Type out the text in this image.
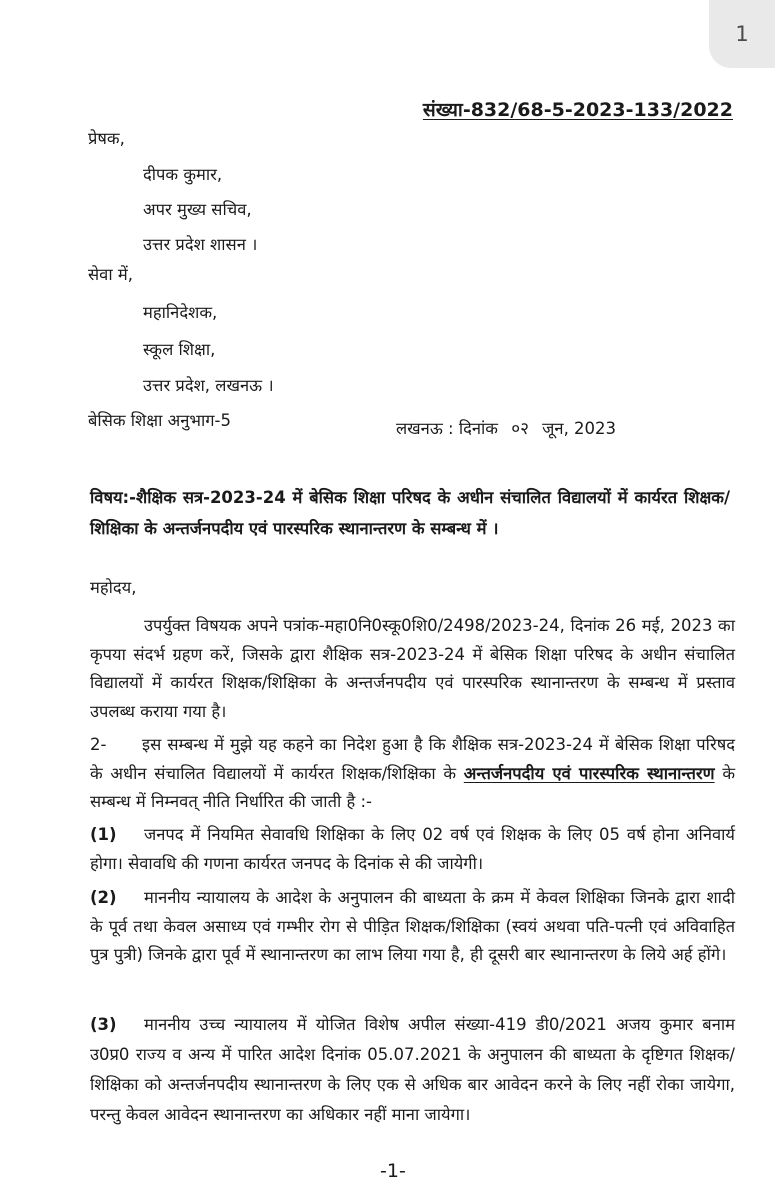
1
संख्या-832/68-5-2023-133/2022
प्रेषक,
दीपक कुमार,
अपर मुख्य सचिव,
उत्तर प्रदेश शासन ।
सेवा में,
महानिदेशक,
स्कूल शिक्षा,
उत्तर प्रदेश, लखनऊ ।
बेसिक शिक्षा अनुभाग-5	लखनऊ : दिनांक ०२ जून, 2023
विषय:-शैक्षिक सत्र-2023-24 में बेसिक शिक्षा परिषद के अधीन संचालित विद्यालयों में कार्यरत शिक्षक/शिक्षिका के अन्तर्जनपदीय एवं पारस्परिक स्थानान्तरण के सम्बन्ध में ।
महोदय,
उपर्युक्त विषयक अपने पत्रांक-महा0नि0स्कू0शि0/2498/2023-24, दिनांक 26 मई, 2023 का कृपया संदर्भ ग्रहण करें, जिसके द्वारा शैक्षिक सत्र-2023-24 में बेसिक शिक्षा परिषद के अधीन संचालित विद्यालयों में कार्यरत शिक्षक/शिक्षिका के अन्तर्जनपदीय एवं पारस्परिक स्थानान्तरण के सम्बन्ध में प्रस्ताव उपलब्ध कराया गया है।
2- इस सम्बन्ध में मुझे यह कहने का निदेश हुआ है कि शैक्षिक सत्र-2023-24 में बेसिक शिक्षा परिषद के अधीन संचालित विद्यालयों में कार्यरत शिक्षक/शिक्षिका के अन्तर्जनपदीय एवं पारस्परिक स्थानान्तरण के सम्बन्ध में निम्नवत् नीति निर्धारित की जाती है :-
(1) जनपद में नियमित सेवावधि शिक्षिका के लिए 02 वर्ष एवं शिक्षक के लिए 05 वर्ष होना अनिवार्य होगा। सेवावधि की गणना कार्यरत जनपद के दिनांक से की जायेगी।
(2) माननीय न्यायालय के आदेश के अनुपालन की बाध्यता के क्रम में केवल शिक्षिका जिनके द्वारा शादी के पूर्व तथा केवल असाध्य एवं गम्भीर रोग से पीड़ित शिक्षक/शिक्षिका (स्वयं अथवा पति-पत्नी एवं अविवाहित पुत्र पुत्री) जिनके द्वारा पूर्व में स्थानान्तरण का लाभ लिया गया है, ही दूसरी बार स्थानान्तरण के लिये अर्ह होंगे।
(3) माननीय उच्च न्यायालय में योजित विशेष अपील संख्या-419 डी0/2021 अजय कुमार बनाम उ0प्र0 राज्य व अन्य में पारित आदेश दिनांक 05.07.2021 के अनुपालन की बाध्यता के दृष्टिगत शिक्षक/शिक्षिका को अन्तर्जनपदीय स्थानान्तरण के लिए एक से अधिक बार आवेदन करने के लिए नहीं रोका जायेगा, परन्तु केवल आवेदन स्थानान्तरण का अधिकार नहीं माना जायेगा।
-1-
